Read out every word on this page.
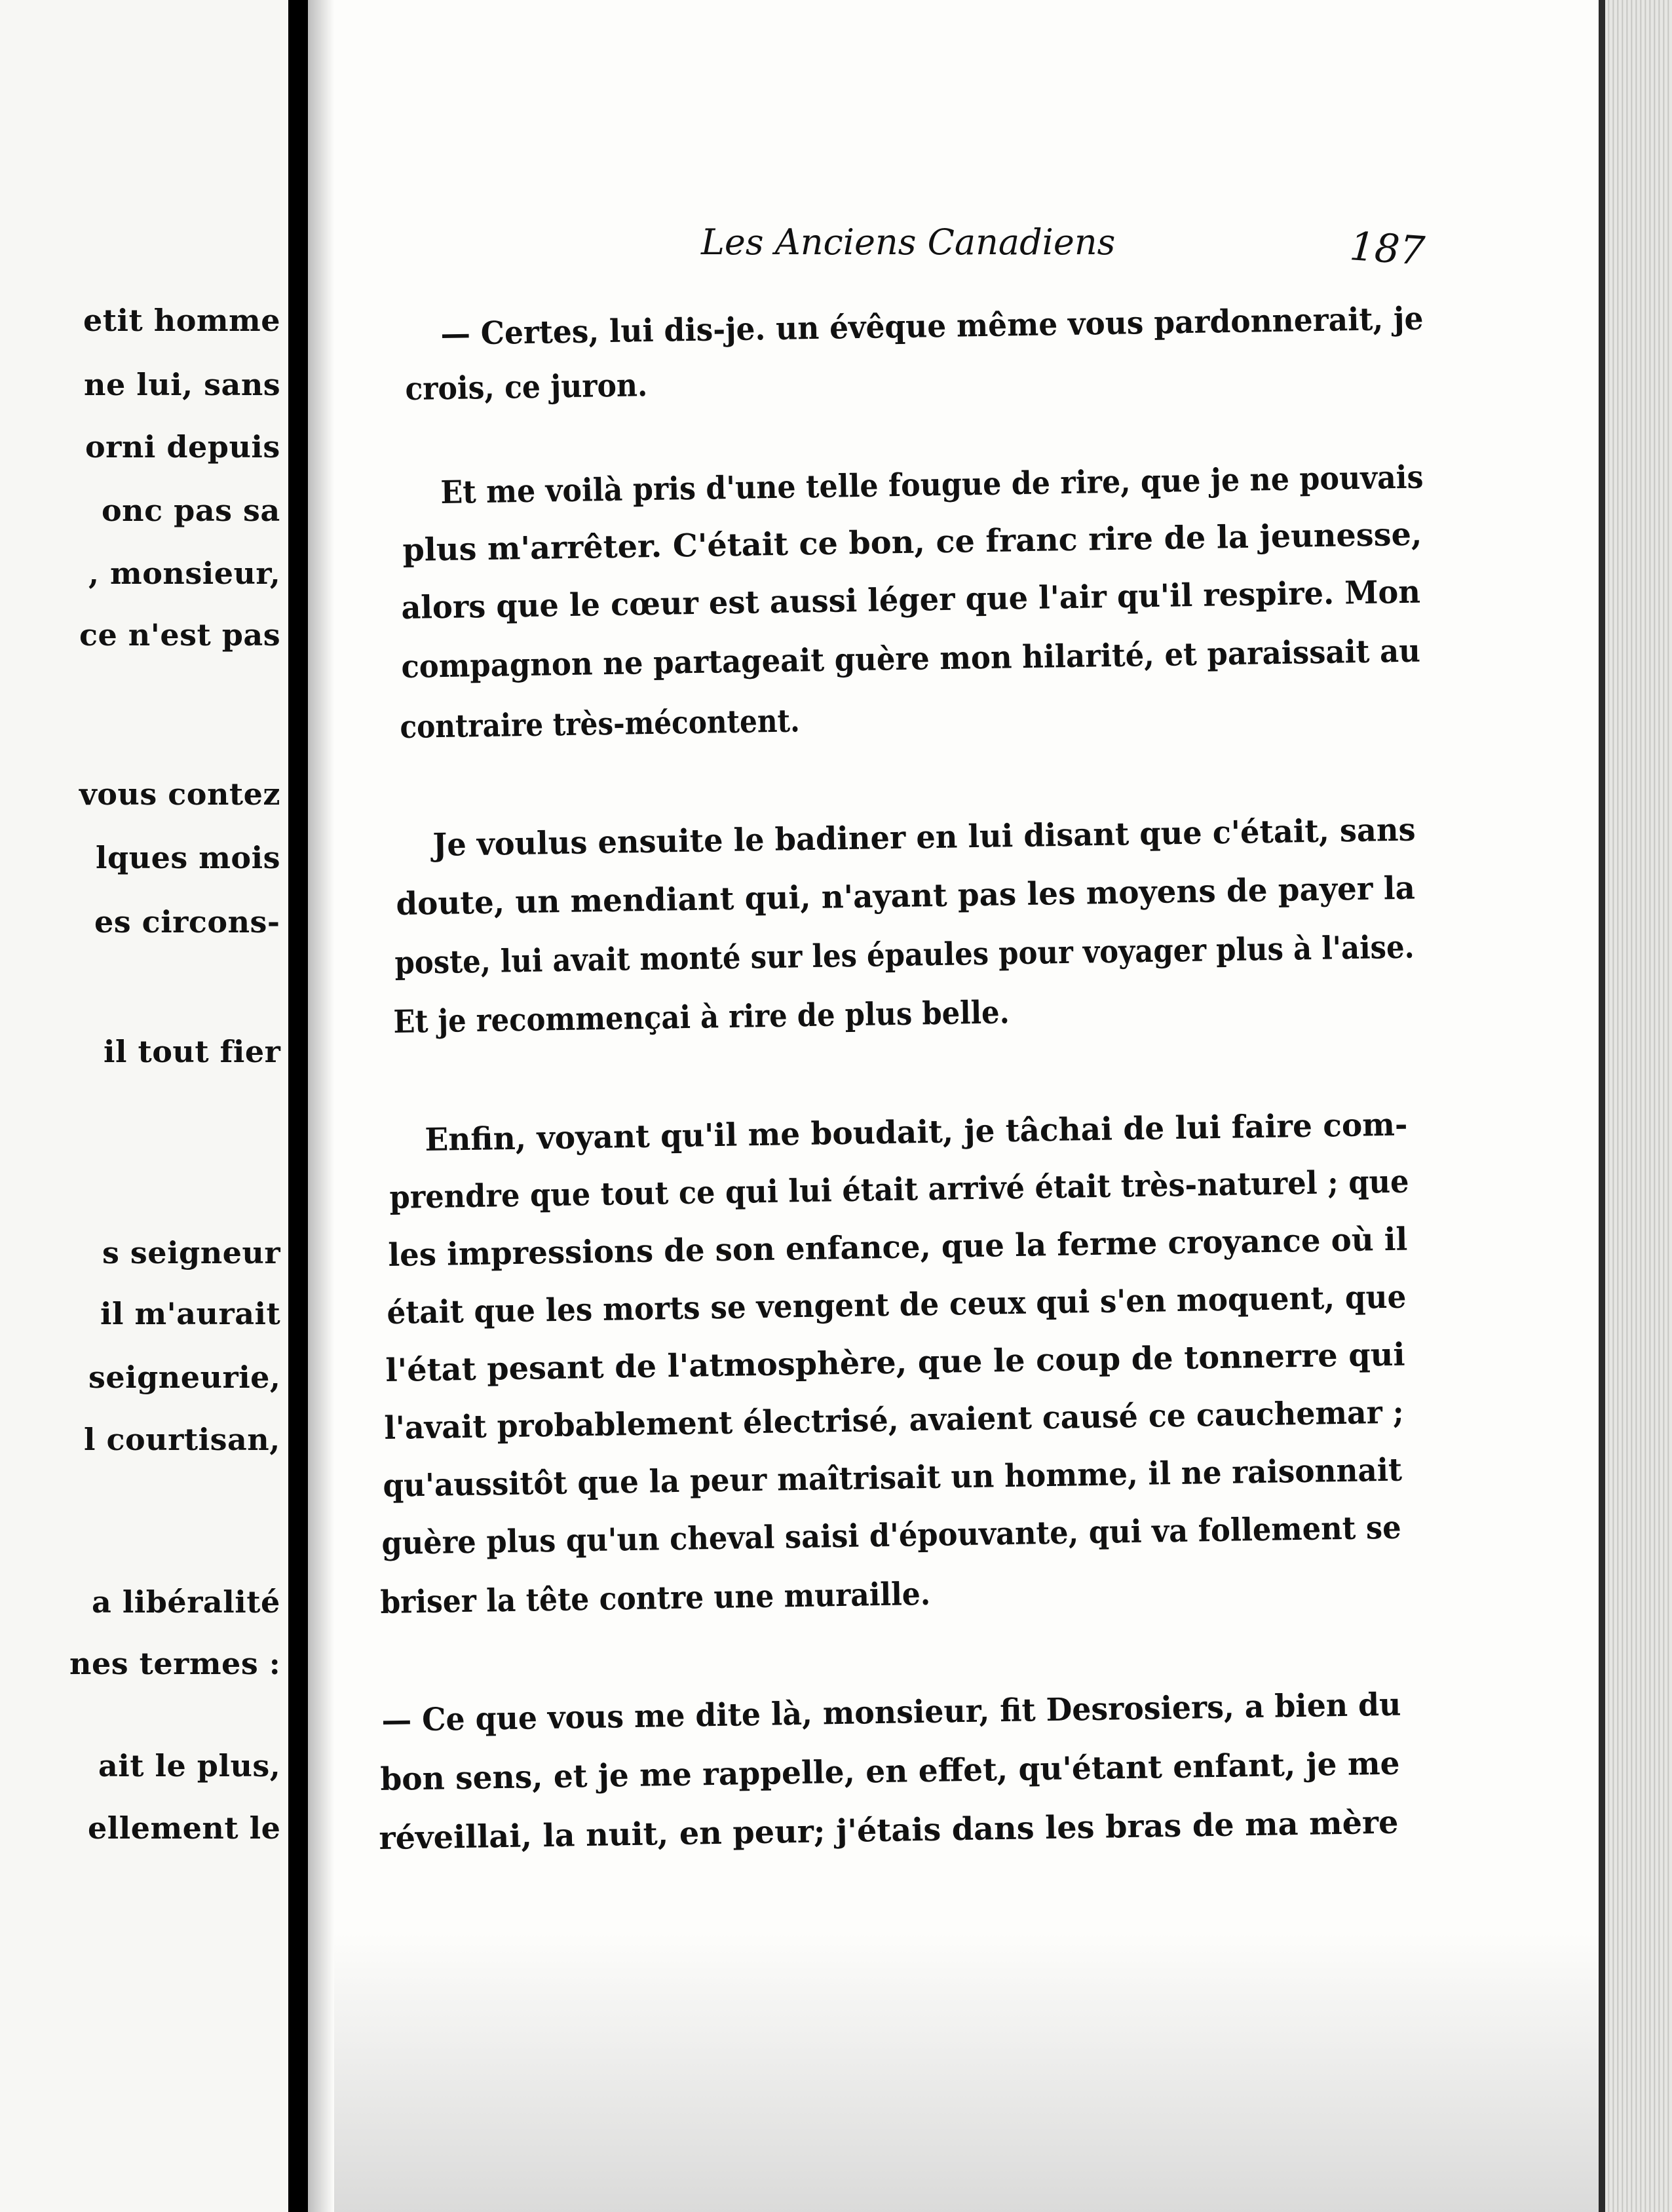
etit homme
ne lui, sans
orni depuis
onc pas sa
, monsieur,
ce n'est pas
vous contez
lques mois
es circons-
il tout fier
s seigneur
il m'aurait
seigneurie,
l courtisan,
a libéralité
nes termes :
ait le plus,
ellement le
Les Anciens Canadiens	187
— Certes, lui dis-je. un évêque même vous pardonnerait, je
crois, ce juron.
Et me voilà pris d'une telle fougue de rire, que je ne pouvais
plus m'arrêter. C'était ce bon, ce franc rire de la jeunesse,
alors que le cœur est aussi léger que l'air qu'il respire. Mon
compagnon ne partageait guère mon hilarité, et paraissait au
contraire très-mécontent.
Je voulus ensuite le badiner en lui disant que c'était, sans
doute, un mendiant qui, n'ayant pas les moyens de payer la
poste, lui avait monté sur les épaules pour voyager plus à l'aise.
Et je recommençai à rire de plus belle.
Enfin, voyant qu'il me boudait, je tâchai de lui faire com-
prendre que tout ce qui lui était arrivé était très-naturel ; que
les impressions de son enfance, que la ferme croyance où il
était que les morts se vengent de ceux qui s'en moquent, que
l'état pesant de l'atmosphère, que le coup de tonnerre qui
l'avait probablement électrisé, avaient causé ce cauchemar ;
qu'aussitôt que la peur maîtrisait un homme, il ne raisonnait
guère plus qu'un cheval saisi d'épouvante, qui va follement se
briser la tête contre une muraille.
— Ce que vous me dite là, monsieur, fit Desrosiers, a bien du
bon sens, et je me rappelle, en effet, qu'étant enfant, je me
réveillai, la nuit, en peur; j'étais dans les bras de ma mère
